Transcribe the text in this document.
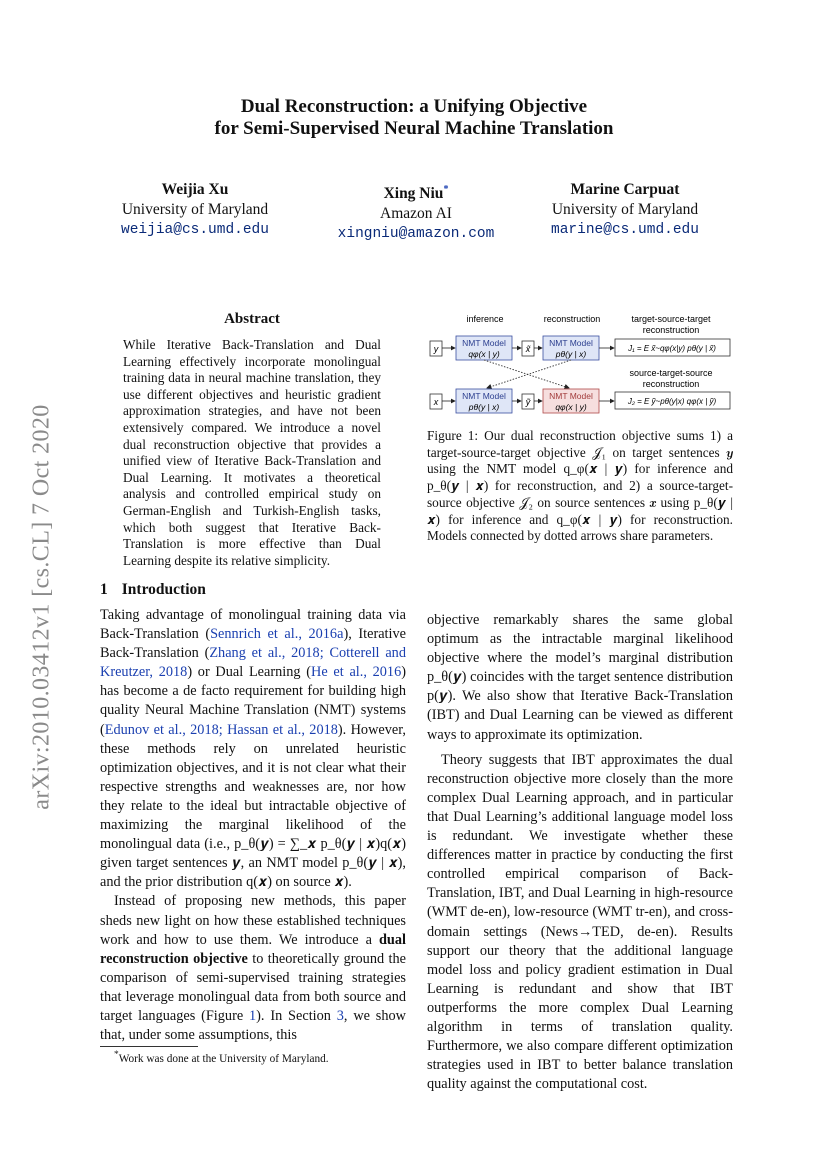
Dual Reconstruction: a Unifying Objective
for Semi-Supervised Neural Machine Translation
Weijia Xu
University of Maryland
weijia@cs.umd.edu
Xing Niu*
Amazon AI
xingniu@amazon.com
Marine Carpuat
University of Maryland
marine@cs.umd.edu
arXiv:2010.03412v1 [cs.CL] 7 Oct 2020
Abstract
While Iterative Back-Translation and Dual Learning effectively incorporate monolingual training data in neural machine translation, they use different objectives and heuristic gradient approximation strategies, and have not been extensively compared. We introduce a novel dual reconstruction objective that provides a unified view of Iterative Back-Translation and Dual Learning. It motivates a theoretical analysis and controlled empirical study on German-English and Turkish-English tasks, which both suggest that Iterative Back-Translation is more effective than Dual Learning despite its relative simplicity.
inference	reconstruction	target-source-target
reconstruction
y
NMT Model
qφ(x | y)	x̃
NMT Model
pθ(y | x)
J₁ = E x̃~qφ(x|y) pθ(y | x̃)
source-target-source
reconstruction
x
NMT Model
pθ(y | x)	ỹ
NMT Model
qφ(x | y)
J₂ = E ỹ~pθ(y|x) qφ(x | ỹ)
Figure 1: Our dual reconstruction objective sums 1) a target-source-target objective 𝒥₁ on target sentences 𝒚 using the NMT model q_φ(𝒙 | 𝒚) for inference and p_θ(𝒚 | 𝒙) for reconstruction, and 2) a source-target-source objective 𝒥₂ on source sentences 𝒙 using p_θ(𝒚 | 𝒙) for inference and q_φ(𝒙 | 𝒚) for reconstruction. Models connected by dotted arrows share parameters.
1 Introduction

Taking advantage of monolingual training data via Back-Translation (Sennrich et al., 2016a), Iterative Back-Translation (Zhang et al., 2018; Cotterell and Kreutzer, 2018) or Dual Learning (He et al., 2016) has become a de facto requirement for building high quality Neural Machine Translation (NMT) systems (Edunov et al., 2018; Hassan et al., 2018). However, these methods rely on unrelated heuristic optimization objectives, and it is not clear what their respective strengths and weaknesses are, nor how they relate to the ideal but intractable objective of maximizing the marginal likelihood of the monolingual data (i.e., p_θ(𝒚) = ∑_𝒙 p_θ(𝒚 | 𝒙)q(𝒙) given target sentences 𝒚, an NMT model p_θ(𝒚 | 𝒙), and the prior distribution q(𝒙) on source 𝒙).

Instead of proposing new methods, this paper sheds new light on how these established techniques work and how to use them. We introduce a dual reconstruction objective to theoretically ground the comparison of semi-supervised training strategies that leverage monolingual data from both source and target languages (Figure 1). In Section 3, we show that, under some assumptions, this

*Work was done at the University of Maryland.

objective remarkably shares the same global optimum as the intractable marginal likelihood objective where the model’s marginal distribution p_θ(𝒚) coincides with the target sentence distribution p(𝒚). We also show that Iterative Back-Translation (IBT) and Dual Learning can be viewed as different ways to approximate its optimization.

Theory suggests that IBT approximates the dual reconstruction objective more closely than the more complex Dual Learning approach, and in particular that Dual Learning’s additional language model loss is redundant. We investigate whether these differences matter in practice by conducting the first controlled empirical comparison of Back-Translation, IBT, and Dual Learning in high-resource (WMT de-en), low-resource (WMT tr-en), and cross-domain settings (News→TED, de-en). Results support our theory that the additional language model loss and policy gradient estimation in Dual Learning is redundant and show that IBT outperforms the more complex Dual Learning algorithm in terms of translation quality. Furthermore, we also compare different optimization strategies used in IBT to better balance translation quality against the computational cost.
